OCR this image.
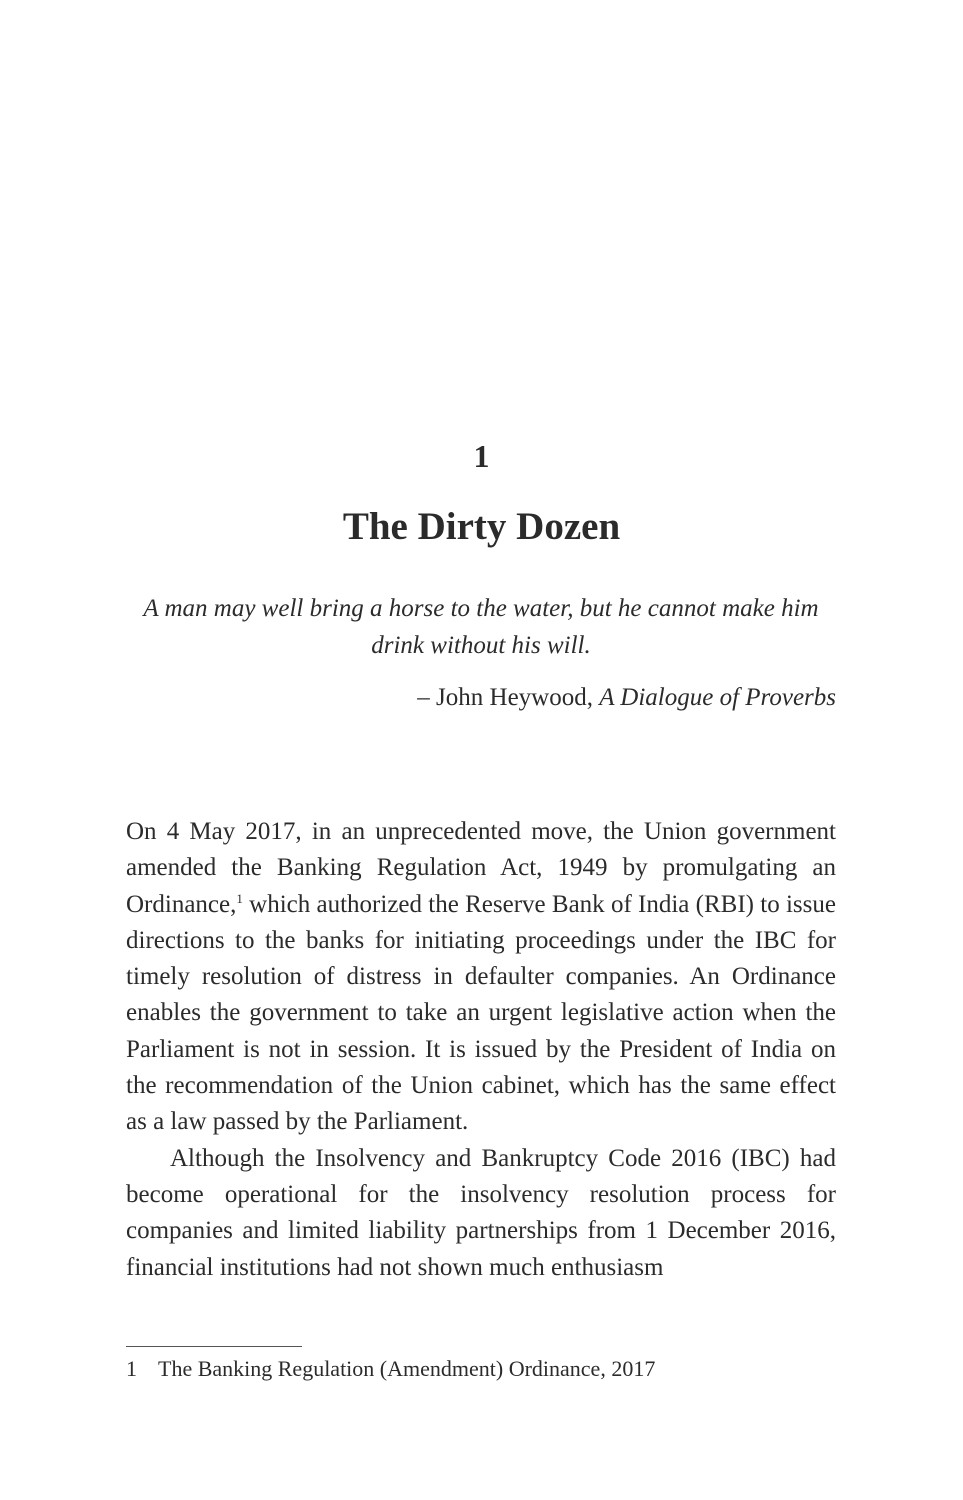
1
The Dirty Dozen
A man may well bring a horse to the water, but he cannot make him drink without his will.
– John Heywood, A Dialogue of Proverbs

On 4 May 2017, in an unprecedented move, the Union government amended the Banking Regulation Act, 1949 by promulgating an Ordinance,$^1$ which authorized the Reserve Bank of India (RBI) to issue directions to the banks for initiating proceedings under the IBC for timely resolution of distress in defaulter companies. An Ordinance enables the government to take an urgent legislative action when the Parliament is not in session. It is issued by the President of India on the recommendation of the Union cabinet, which has the same effect as a law passed by the Parliament.

Although the Insolvency and Bankruptcy Code 2016 (IBC) had become operational for the insolvency resolution process for companies and limited liability partnerships from 1 December 2016, financial institutions had not shown much enthusiasm

1 The Banking Regulation (Amendment) Ordinance, 2017
